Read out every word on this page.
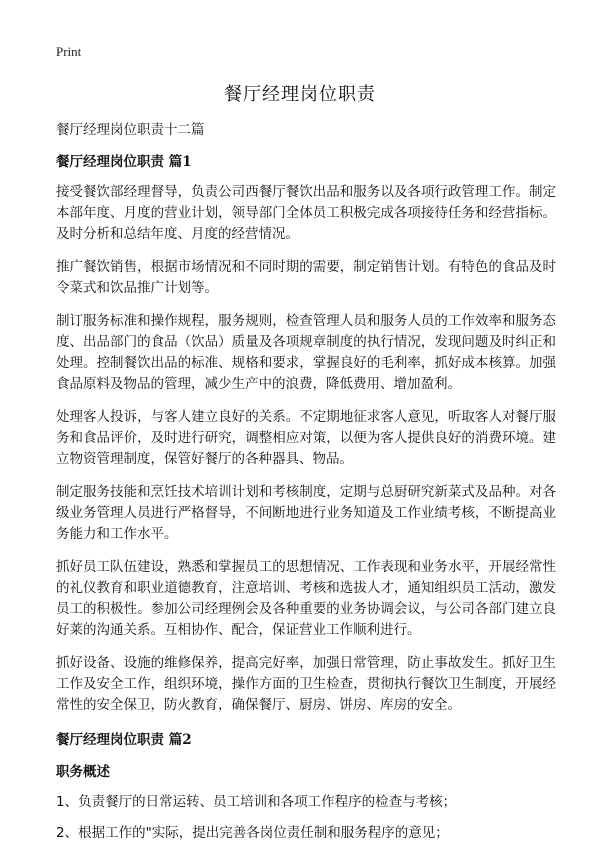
Print
餐厅经理岗位职责
餐厅经理岗位职责十二篇
餐厅经理岗位职责 篇1

接受餐饮部经理督导，负责公司西餐厅餐饮出品和服务以及各项行政管理工作。制定本部年度、月度的营业计划，领导部门全体员工积极完成各项接待任务和经营指标。及时分析和总结年度、月度的经营情况。

推广餐饮销售，根据市场情况和不同时期的需要，制定销售计划。有特色的食品及时令菜式和饮品推广计划等。

制订服务标准和操作规程，服务规则，检查管理人员和服务人员的工作效率和服务态度、出品部门的食品（饮品）质量及各项规章制度的执行情况，发现问题及时纠正和处理。控制餐饮出品的标准、规格和要求，掌握良好的毛利率，抓好成本核算。加强食品原料及物品的管理，减少生产中的浪费，降低费用、增加盈利。

处理客人投诉，与客人建立良好的关系。不定期地征求客人意见，听取客人对餐厅服务和食品评价，及时进行研究，调整相应对策，以便为客人提供良好的消费环境。建立物资管理制度，保管好餐厅的各种器具、物品。

制定服务技能和烹饪技术培训计划和考核制度，定期与总厨研究新菜式及品种。对各级业务管理人员进行严格督导，不间断地进行业务知道及工作业绩考核，不断提高业务能力和工作水平。

抓好员工队伍建设，熟悉和掌握员工的思想情况、工作表现和业务水平，开展经常性的礼仪教育和职业道德教育，注意培训、考核和选拔人才，通知组织员工活动，激发员工的积极性。参加公司经理例会及各种重要的业务协调会议，与公司各部门建立良好莱的沟通关系。互相协作、配合，保证营业工作顺利进行。

抓好设备、设施的维修保养，提高完好率，加强日常管理，防止事故发生。抓好卫生工作及安全工作，组织环境，操作方面的卫生检查，贯彻执行餐饮卫生制度，开展经常性的安全保卫，防火教育，确保餐厅、厨房、饼房、库房的安全。

餐厅经理岗位职责 篇2
职务概述
1、负责餐厅的日常运转、员工培训和各项工作程序的检查与考核；
2、根据工作的"实际，提出完善各岗位责任制和服务程序的意见；
